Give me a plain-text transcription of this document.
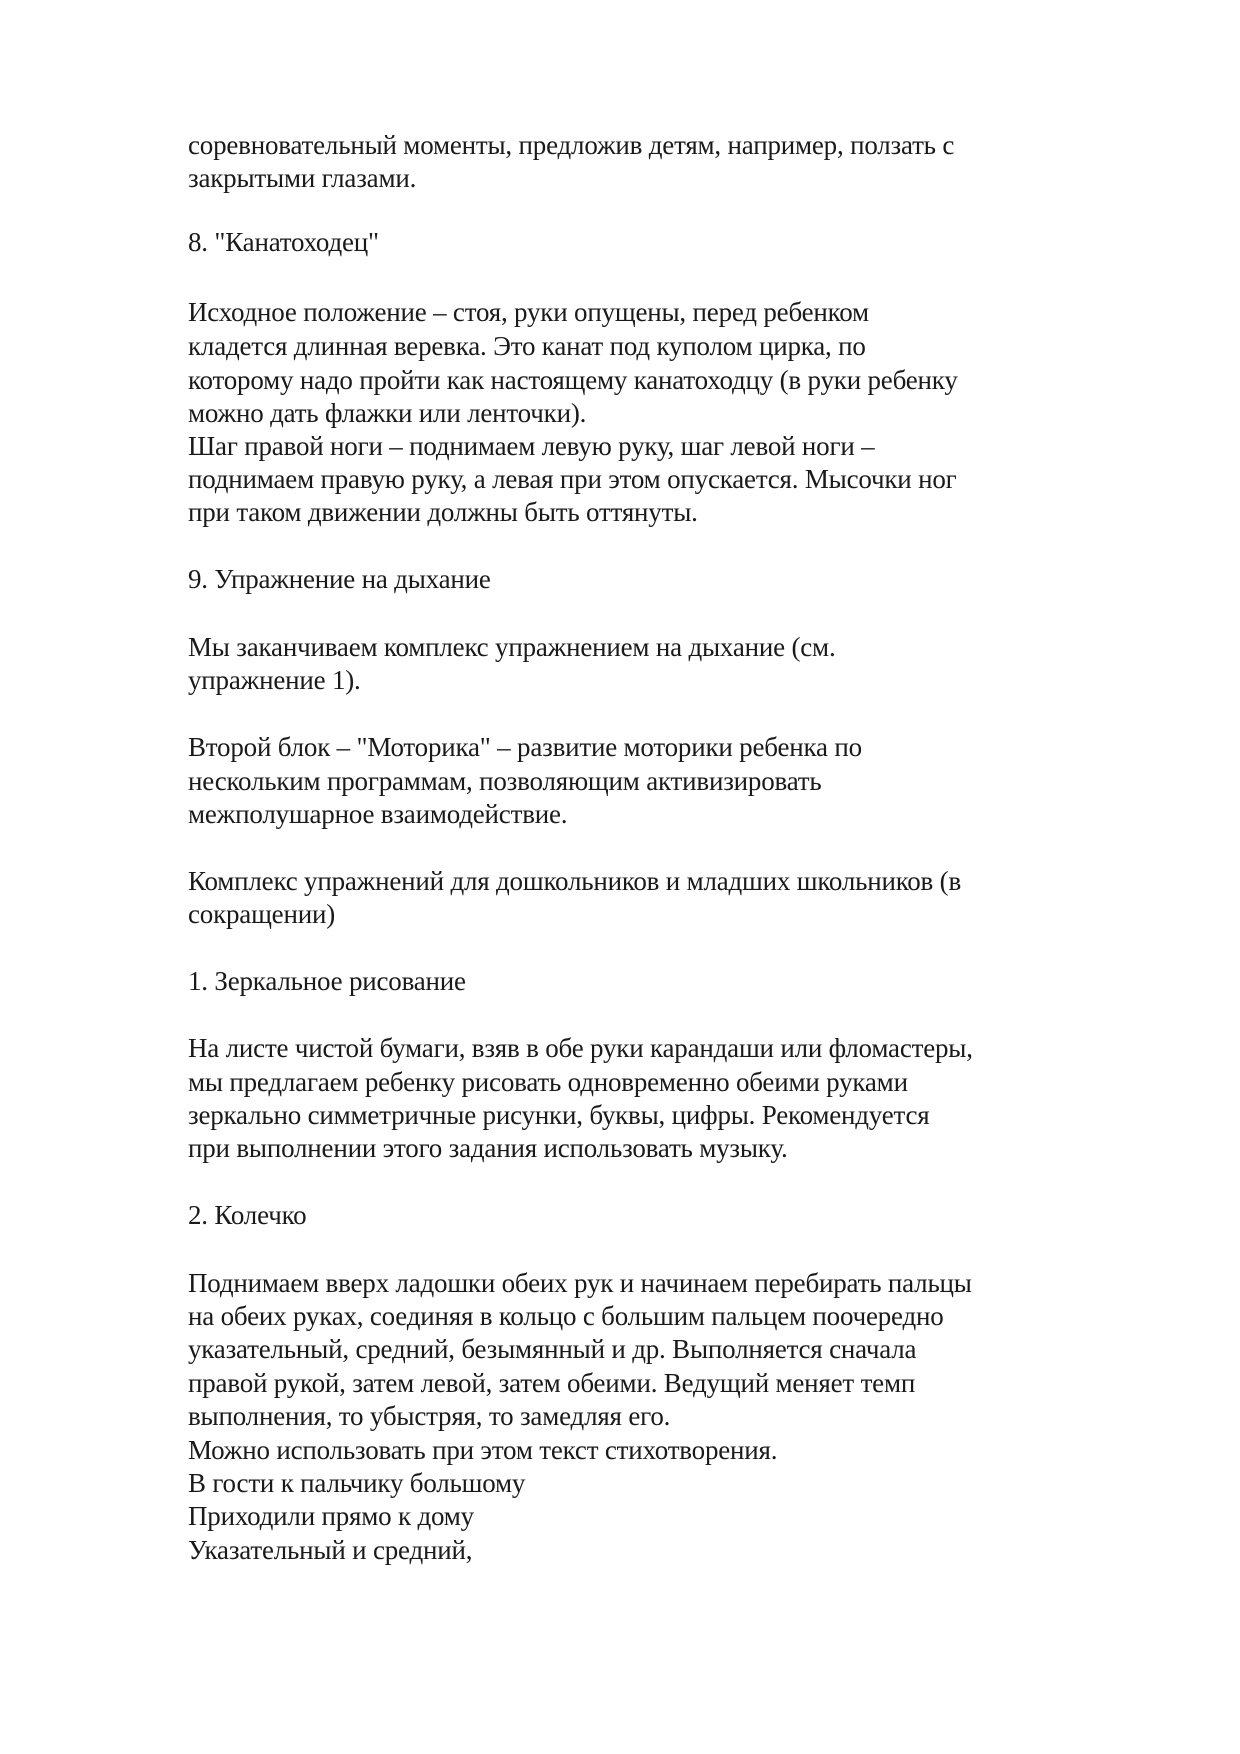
соревновательный моменты, предложив детям, например, ползать с
закрытыми глазами.
8. "Канатоходец"
Исходное положение – стоя, руки опущены, перед ребенком
кладется длинная веревка. Это канат под куполом цирка, по
которому надо пройти как настоящему канатоходцу (в руки ребенку
можно дать флажки или ленточки).
Шаг правой ноги – поднимаем левую руку, шаг левой ноги –
поднимаем правую руку, а левая при этом опускается. Мысочки ног
при таком движении должны быть оттянуты.
9. Упражнение на дыхание
Мы заканчиваем комплекс упражнением на дыхание (см.
упражнение 1).
Второй блок – "Моторика" – развитие моторики ребенка по
нескольким программам, позволяющим активизировать
межполушарное взаимодействие.
Комплекс упражнений для дошкольников и младших школьников (в
сокращении)
1. Зеркальное рисование
На листе чистой бумаги, взяв в обе руки карандаши или фломастеры,
мы предлагаем ребенку рисовать одновременно обеими руками
зеркально симметричные рисунки, буквы, цифры. Рекомендуется
при выполнении этого задания использовать музыку.
2. Колечко
Поднимаем вверх ладошки обеих рук и начинаем перебирать пальцы
на обеих руках, соединяя в кольцо с большим пальцем поочередно
указательный, средний, безымянный и др. Выполняется сначала
правой рукой, затем левой, затем обеими. Ведущий меняет темп
выполнения, то убыстряя, то замедляя его.
Можно использовать при этом текст стихотворения.
В гости к пальчику большому
Приходили прямо к дому
Указательный и средний,
